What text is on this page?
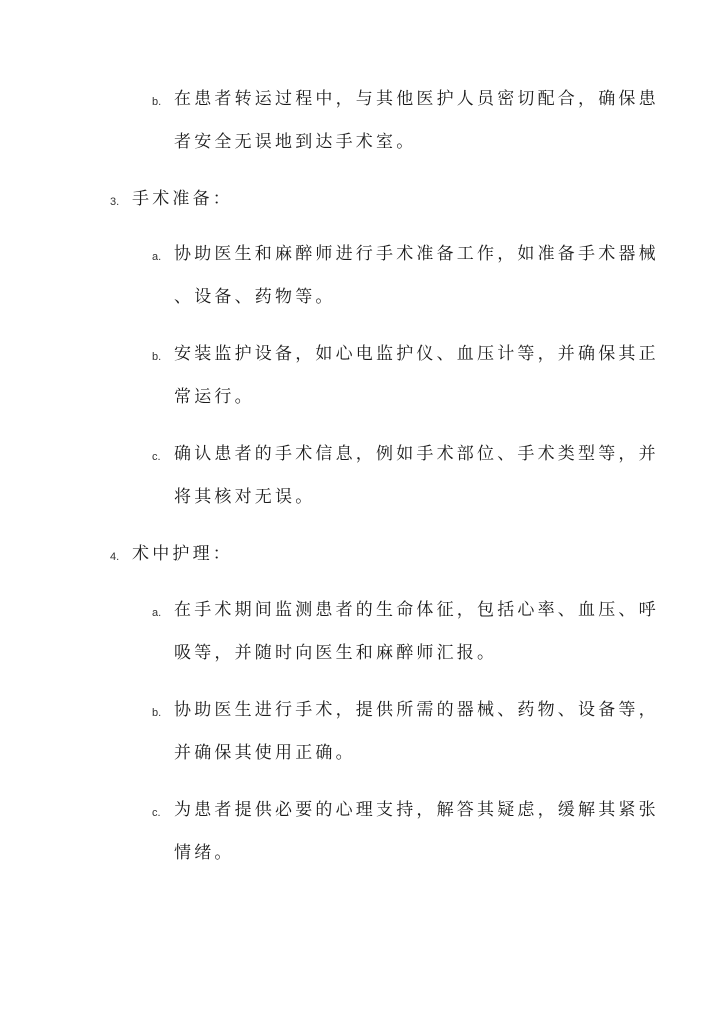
b. 在患者转运过程中，与其他医护人员密切配合，确保患
者安全无误地到达手术室。
3. 手术准备：
a. 协助医生和麻醉师进行手术准备工作，如准备手术器械
、设备、药物等。
b. 安装监护设备，如心电监护仪、血压计等，并确保其正
常运行。
c. 确认患者的手术信息，例如手术部位、手术类型等，并
将其核对无误。
4. 术中护理：
a. 在手术期间监测患者的生命体征，包括心率、血压、呼
吸等，并随时向医生和麻醉师汇报。
b. 协助医生进行手术，提供所需的器械、药物、设备等，
并确保其使用正确。
c. 为患者提供必要的心理支持，解答其疑虑，缓解其紧张
情绪。
